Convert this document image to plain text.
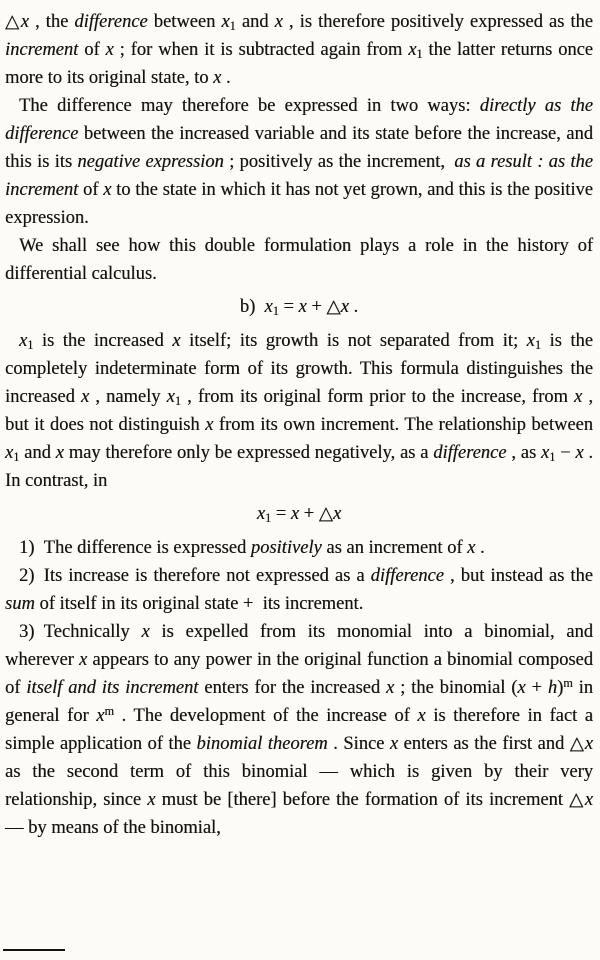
△x , the difference between $x_1$ and x , is therefore positively expressed as the increment of x ; for when it is subtracted again from $x_1$ the latter returns once more to its original state, to x .
The difference may therefore be expressed in two ways: directly as the difference between the increased variable and its state before the increase, and this is its negative expression ; positively as the increment, as a result : as the increment of x to the state in which it has not yet grown, and this is the positive expression.
We shall see how this double formulation plays a role in the history of differential calculus.
b) $x_1 = x$ + △x .
$x_1$ is the increased x itself; its growth is not separated from it; $x_1$ is the completely indeterminate form of its growth. This formula distinguishes the increased x , namely $x_1$ , from its original form prior to the increase, from x , but it does not distinguish x from its own increment. The relationship between $x_1$ and x may therefore only be expressed negatively, as a difference , as $x_1 - x$ . In contrast, in
$x_1 = x$ + △x
1) The difference is expressed positively as an increment of x .
2) Its increase is therefore not expressed as a difference , but instead as the sum of itself in its original state + its increment.
3) Technically x is expelled from its monomial into a binomial, and wherever x appears to any power in the original function a binomial composed of itself and its increment enters for the increased x ; the binomial $(x + h)^m$ in general for $x^m$ . The development of the increase of x is therefore in fact a simple application of the binomial theorem . Since x enters as the first and △x as the second term of this binomial — which is given by their very relationship, since x must be [there] before the formation of its increment △x — by means of the binomial,
